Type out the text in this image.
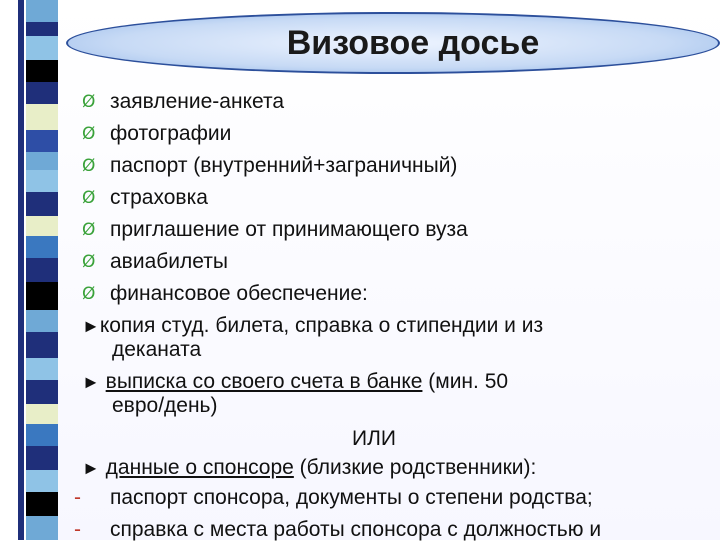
Визовое досье
Ø заявление-анкета
Ø фотографии
Ø паспорт (внутренний+заграничный)
Ø страховка
Ø приглашение от принимающего вуза
Ø авиабилеты
Ø финансовое обеспечение:
►копия студ. билета, справка о стипендии и из
деканата
► выписка со своего счета в банке (мин. 50
евро/день)
ИЛИ
► данные о спонсоре (близкие родственники):
- паспорт спонсора, документы о степени родства;
- справка с места работы спонсора с должностью и
